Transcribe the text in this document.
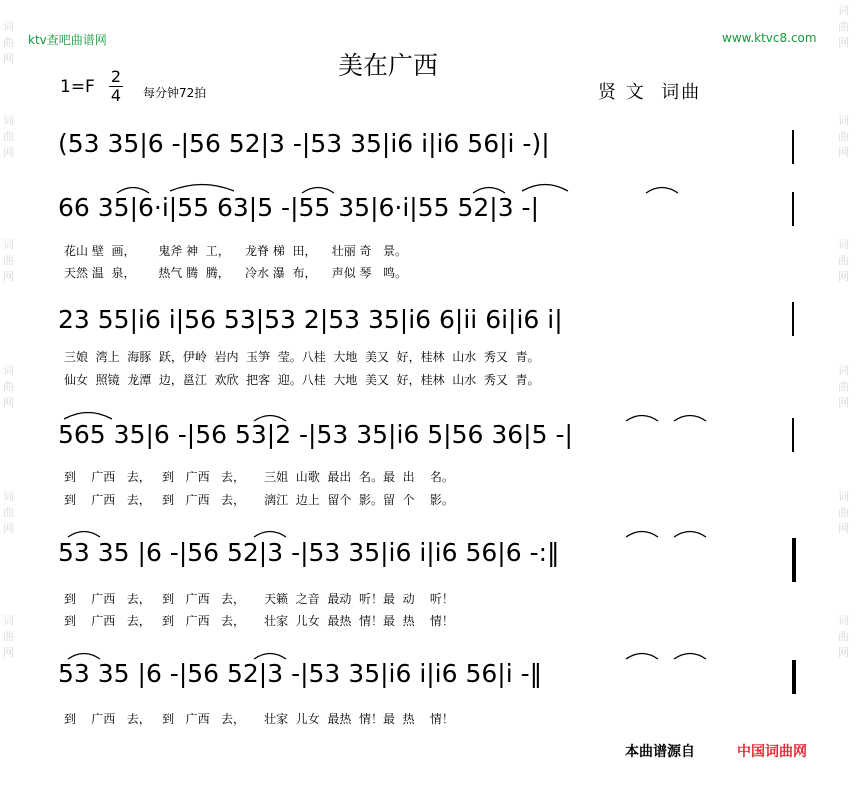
词
曲
网
词
曲
网
词
曲
网
词
曲
网
词
曲
网
词
曲
网
词
曲
网
词
曲
网
词
曲
网
词
曲
网
词
曲
网
词
曲
网
ktv查吧曲谱网	www.ktvc8.com
美在广西
$1=F \frac{2}{4}$ 每分钟72拍	贤 文  词曲
(53 35|6 -|56 52|3 -|53 35|i6 i|i6 56|i -)|
66 35|6·i|55 63|5 -|55 35|6·i|55 52|3 -|
23 55|i6 i|56 53|53 2|53 35|i6 6|ii 6i|i6 i|
565 35|6 -|56 53|2 -|53 35|i6 5|56 36|5 -|
53 35 |6 -|56 52|3 -|53 35|i6 i|i6 56|6 -:‖
53 35 |6 -|56 52|3 -|53 35|i6 i|i6 56|i -‖
花山 壁  画，      鬼斧 神  工，    龙脊 梯  田，    壮丽 奇   景。
天然 温  泉，      热气 腾  腾，    冷水 瀑  布，    声似 琴   鸣。
三娘  湾上  海豚  跃，伊岭  岩内  玉笋  莹。八桂  大地  美又  好，桂林  山水  秀又  青。
仙女  照镜  龙潭  边，邕江  欢欣  把客  迎。八桂  大地  美又  好，桂林  山水  秀又  青。
到    广西   去，   到   广西   去，     三姐  山歌  最出  名。最  出    名。
到    广西   去，   到   广西   去，     漓江  边上  留个  影。留  个    影。
到    广西   去，   到   广西   去，     天籁  之音  最动  听！最  动    听！
到    广西   去，   到   广西   去，     壮家  儿女  最热  情！最  热    情！
到    广西   去，   到   广西   去，     壮家  儿女  最热  情！最  热    情！
本曲谱源自	中国词曲网
